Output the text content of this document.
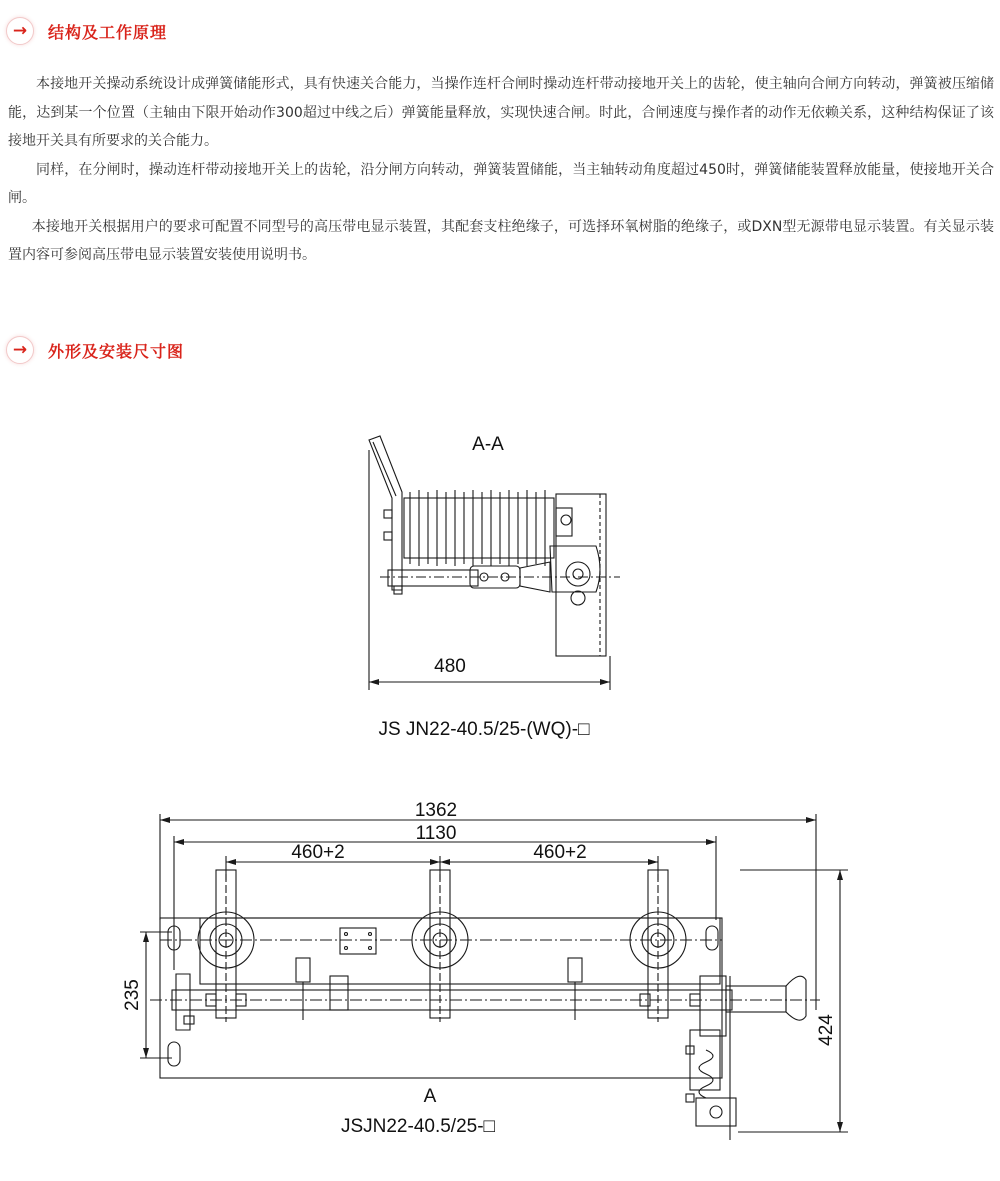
→	结构及工作原理

本接地开关操动系统设计成弹簧储能形式，具有快速关合能力，当操作连杆合闸时操动连杆带动接地开关上的齿轮，使主轴向合闸方向转动，弹簧被压缩储能，达到某一个位置（主轴由下限开始动作300超过中线之后）弹簧能量释放，实现快速合闸。时此，合闸速度与操作者的动作无依赖关系，这种结构保证了该接地开关具有所要求的关合能力。

同样，在分闸时，操动连杆带动接地开关上的齿轮，沿分闸方向转动，弹簧装置储能，当主轴转动角度超过450时，弹簧储能装置释放能量，使接地开关合闸。

本接地开关根据用户的要求可配置不同型号的高压带电显示装置，其配套支柱绝缘子，可选择环氧树脂的绝缘子，或DXN型无源带电显示装置。有关显示装置内容可参阅高压带电显示装置安装使用说明书。

→	外形及安装尺寸图
A-A
480
JS JN22-40.5/25-(WQ)-□
1362
1130
460+2	460+2
235
424
A
JSJN22-40.5/25-□
